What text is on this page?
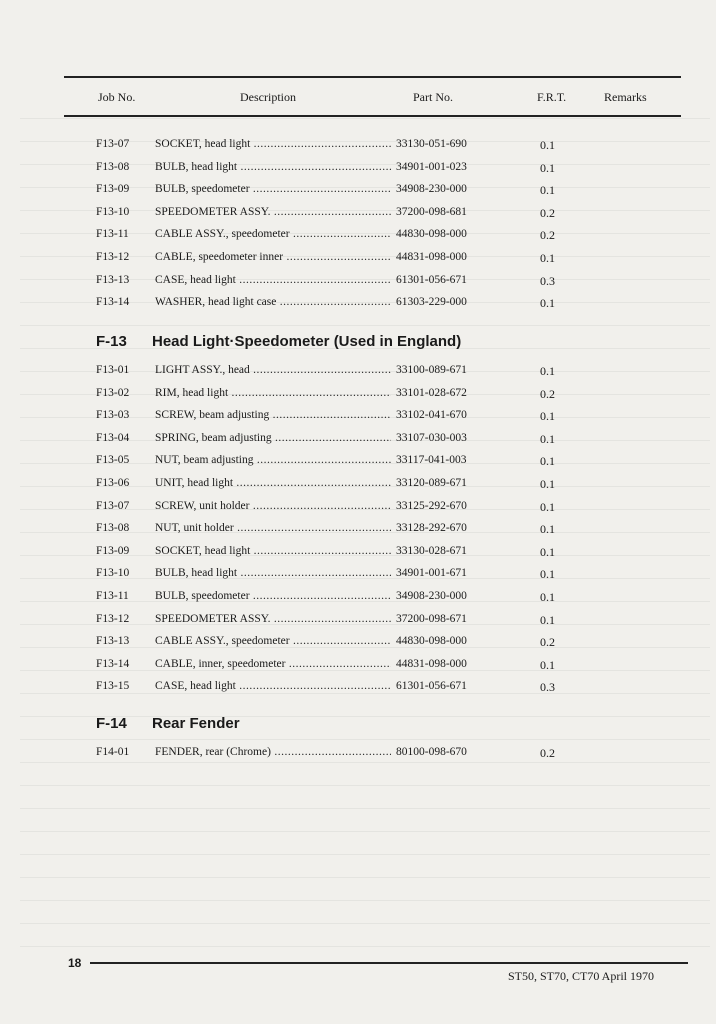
Job No.	Description	Part No.	F.R.T.	Remarks
F13-07 SOCKET, head light .....	33130-051-690	0.1
F13-08 BULB, head light .....	34901-001-023	0.1
F13-09 BULB, speedometer .....	34908-230-000	0.1
F13-10 SPEEDOMETER ASSY. .....	37200-098-681	0.2
F13-11 CABLE ASSY., speedometer .....	44830-098-000	0.2
F13-12 CABLE, speedometer inner .....	44831-098-000	0.1
F13-13 CASE, head light .....	61301-056-671	0.3
F13-14 WASHER, head light case .....	61303-229-000	0.1
F-13 Head Light·Speedometer (Used in England)
F13-01 LIGHT ASSY., head .....	33100-089-671	0.1
F13-02 RIM, head light .....	33101-028-672	0.2
F13-03 SCREW, beam adjusting .....	33102-041-670	0.1
F13-04 SPRING, beam adjusting .....	33107-030-003	0.1
F13-05 NUT, beam adjusting .....	33117-041-003	0.1
F13-06 UNIT, head light .....	33120-089-671	0.1
F13-07 SCREW, unit holder .....	33125-292-670	0.1
F13-08 NUT, unit holder .....	33128-292-670	0.1
F13-09 SOCKET, head light .....	33130-028-671	0.1
F13-10 BULB, head light .....	34901-001-671	0.1
F13-11 BULB, speedometer .....	34908-230-000	0.1
F13-12 SPEEDOMETER ASSY. .....	37200-098-671	0.1
F13-13 CABLE ASSY., speedometer .....	44830-098-000	0.2
F13-14 CABLE, inner, speedometer .....	44831-098-000	0.1
F13-15 CASE, head light .....	61301-056-671	0.3
F-14 Rear Fender
F14-01 FENDER, rear (Chrome) .....	80100-098-670	0.2
18
ST50, ST70, CT70 April 1970
